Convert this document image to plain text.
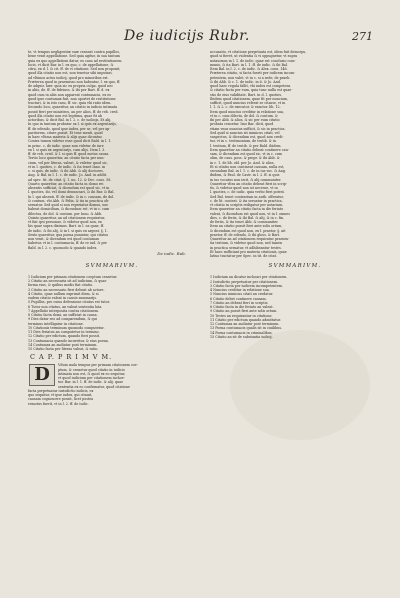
De iudicijs Rubr.	271
te, vt tempus negligentiæ suæ censeat contra pupillos,
bene venit appellatione. Sed quia agitur, in sua tantum
quia ex quo appellationi datur, eo casu ad restitutionem
locis, vt dicit Bar. in l. ex quo, c. de appellatione, &
citra, ex d. l. & cit. ff. de vi citatione. Sed non proponit,
quod illa citatio non est, non tenetur sibi imputari,
ad vltimos actus iudicij, quod pro minoribus est.
Præterea quod in praemisso non habeatur, l. ex quo, ff.
de adquir. hær. quia sic ex propria culpa, quod nec
in aliis, de. ff. de fideiuss. & ibi per Bart. ff. d. ex
quod cum in aliis non appareat contumacia, ex eo
quod ipse contumax fuit, non oportet de restitutione
tractari, & in isto casu, ff. sic. quia vbi ratio idem.
Secundo loco, quaeritur, an citatio in iudicio intimata
possit fieri per ministros, an per alios, ff. de reb. cred.
quod illa citatio non est legitima, quae fit ab
actoribus, & dicit Bal. in l. 2. c. de iudicijs. Et alij.
In quo in tantum probatur ex l. si quis ex argentarijs,
ff. de edendo, quod ipse iudex, per se, vel per ap-
paritorem, citare possit. Et tene menti, quod
in haec vltima materia & alijs quae dicuntur,
Contra tamen videtur esse quod dicit Bald. in l. 1.
in princ. c. de iudic. quae non videtur de iure
ex l. si quis ex argentarijs, cum alijs. Item l. 3.
ff. de reb. cred. & l. si quis ff. quod metus causa.
Tertio loco quaeritur, an citatio facta per nun-
cium, vel per literas, valeat, & videtur quod sic,
vt in l. quoties, c. de iudic. & ita tenet Inno. in
c. si quis, de iudic. & ibi Abb. & alij doctores.
Aug. & Bal. in l. 1. c. de iudic. Jo. And. in addit.
ad spec. tit. de citat. §. 1. nu. 12. & Dec. cons. 58.
Quarto quaeritur, an citatio facta in domo rei
absentis sufficiat, & dicendum est quod sic, vt in
l. quoties, ibi, vel domi denunciari, & ibi Bar. & Bal.
In l. qui absenti, ff. de iudic. & in c. causam, de dol.
& contum. vbi Abb. & Felin. & ita in practica ob-
seruatur. Sed quid si non reperiatur domus, nec
habeat domicilium, & dicendum est, vt in c. cum
dilectus, de dol. & contum. per Inno. & Abb.
Quinto quaeritur, an ad citationem requiratur,
vt fiat ipsi personae, & videtur quod non, ex
his quae supra diximus. Bart. in l. ea quae, ff.
de iudic. & ibi alij, & in l. si quis ex argent. §. 1.
Sexto quaeritur, qua poena puniatur, qui citatus
non venit, & dicendum est quod contumax
habetur, vt in l. contumacia, ff. de re iud. & per
Bald. in l. 2. c. quomodo & quando iudex.
De iudic. Rub.
SVMMARIVM.
1 Iudicium per primam citationem coeptum censetur.
2 Citatio an necessaria sit ad iudicium, & quae
forma eius, & quibus modis fiat citatio.
3 Citatio an necessario fieri debeat ab actore.
4 Citatio, quae nullum exprimit diem, & si
eadem citatio valeat in causis summarijs.
5 Pupillus, pro cuius defensione citatus est tutor.
6 Tutor non citatus, an valeat sententia lata.
7 Appellatio interposita contra citationem.
8 Citatio facta domi, an sufficiat in causa.
9 Dies datur reo ad comparendum, & qui
terminus intelligatur in citatione.
10 Citationis terminum quomodo computetur.
11 Dies feriatus an computetur in termino.
12 Citatio per edictum, quando fieri possit.
13 Contumacia quando incurritur, & eius poena.
14 Contumax an audiatur post terminum.
15 Citatio facta per literas valeat, & ratio.
C A P. P R I M V M.
D	Vdum mala tempus per primam citationem coe-
ptum, & censetur quod citatio in iudicio
intimata non est, & quod ex eo sequitur,
vt quod iudicium per citationem inchoe-
tur. Bar. in l. 1. ff. de iudic. & alij. quae
sententia ex eo confirmatur, quod citatione
facta perpetuatur iurisdictio iudicis, ex
quo sequitur, vt ipse iudex, qui citauit,
causam cognoscere possit, licet postea
remotus fuerit, vt in l. 2. ff. de iudic.
accusatio, vt citatione perpetuata est, idem fuit deinceps,
quod si fieret, ut violentia & vi oppugnetur, vt supra
notauimus in l. 1. de iudic. quae est conclusio com-
munis, & ita Bart. in l. 1. ff. de iudic. & ibi Bal.
Item Bal. in l. 2. c. de iudic. & Alex. cons. 146.
Præterea citatio, si facta fuerit per iudicem incom-
petentem, non valet, vt in c. si a sede, de praeb.
& ibi Abb. & c. 1. de iudic. in 6. & Jo. And.
quod haec regula fallit, vbi iudex est competens
& citatio facta per eum, quia tunc nulla est quae-
stio de eius validitate. Bart. in d. l. quoties.
Ibidem quod citationem, quae fit per nuncium,
sufficit, quod nuncius referat se citasse, vt in
l. 1. & 2. c. de executor. & exactor. lib. 12.
Item quod nuncius creditur in relatione sua,
vt in c. cum dilecta, de dol. & contum. &
ibi per Abb. & alios, & sic per eum citatio
probata censetur. Imo Bar. dicit, quod
etiam vnus nuncius sufficit, & sic in practica.
Sed quid si nuncius sit inimicus citati, vel
suspectus, & dicendum est, quod non credi-
tur, vt in c. testimonium, de testib. & in
l. testium, ff. de testib. & per Bald. ibidem.
Item quaeritur an citatio debeat continere cau-
sam, & dicendum est quod sic, vt in c. cum
olim, de caus. poss. & propr. & ibi Abb. &
in c. 1. de lib. obl. per Jo. And. & alios.
Et si citatio non contineat causam, nulla est,
secundum Bal. in l. 1. c. de in ius voc. & Ang.
ibidem, & Paul. de Castr. in l. 2. ff. si quis
in ius vocatus non ierit, & alij communiter.
Quaeritur vltra an citatio debeat fieri in scrip-
tis, & videtur quod non sit necesse, vt in
l. quoties, c. de iudic. quia verbo fieri potest.
Sed Bal. tenet contrarium in auth. offeratur,
c. de lit. contest. & ita seruatur in practica,
vt citatio in scriptis redigatur per notarium.
Item quaeritur an citatio facta in die feriato
valeat, & dicendum est quod non, vt in l. omnes
dies, c. de feriis, & ibi Bal. & alij, & in c. fin.
de feriis, & ita tenet Abb. & communiter.
Item an citatio possit fieri ante solis ortum,
& dicendum est quod non, ex l. praetor, §. ait
praetor, ff. de edendo, & ibi gloss. & Bart.
Quaeritur an ad citationem requiratur praesen-
tia testium, & videtur quod non, sed tamen
in practica seruatur, vt adhibeantur testes.
Et haec sufficiant pro materia citationis, quae
latius tractatur per Spec. in tit. de citat.
SVMMARIVM.
1 Iudicium an dicatur inchoari per citationem.
2 Iurisdictio perpetuatur per citationem.
3 Citatio facta per iudicem incompetentem.
4 Nuncius creditur in relatione sua.
5 Nuncius inimicus citati an credatur.
6 Citatio debet continere causam.
7 Citatio an debeat fieri in scriptis.
8 Citatio facta in die feriato an valeat.
9 Citatio an possit fieri ante solis ortum.
10 Testes an requirantur in citatione.
11 Citatio per edictum quando admittatur.
12 Contumax an audiatur post terminum.
13 Poena contumacis qualis sit in ciuilibus.
14 Poena contumacis in criminalibus.
15 Citatio an sit de substantia iudicij.
